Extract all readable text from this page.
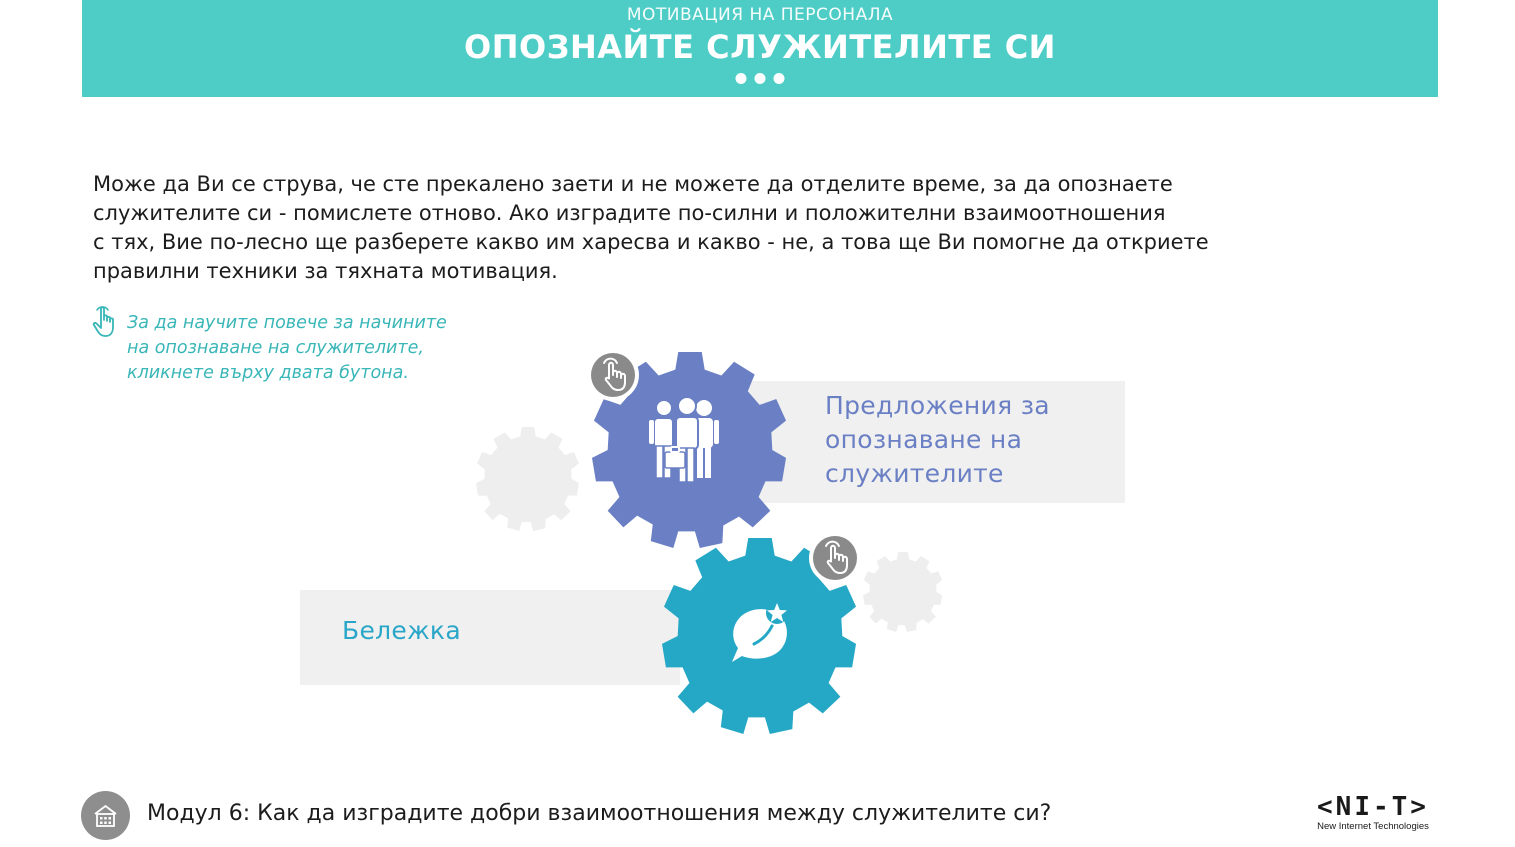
МОТИВАЦИЯ НА ПЕРСОНАЛА
ОПОЗНАЙТЕ СЛУЖИТЕЛИТЕ СИ
Може да Ви се струва, че сте прекалено заети и не можете да отделите време, за да опознаете
служителите си - помислете отново. Ако изградите по-силни и положителни взаимоотношения
с тях, Вие по-лесно ще разберете какво им харесва и какво - не, а това ще Ви помогне да откриете
правилни техники за тяхната мотивация.
За да научите повече за начините
на опознаване на служителите,
кликнете върху двата бутона.
Предложения за
опознаване на
служителите
Бележка
Модул 6: Как да изградите добри взаимоотношения между служителите си?	<NI-T>
New Internet Technologies
